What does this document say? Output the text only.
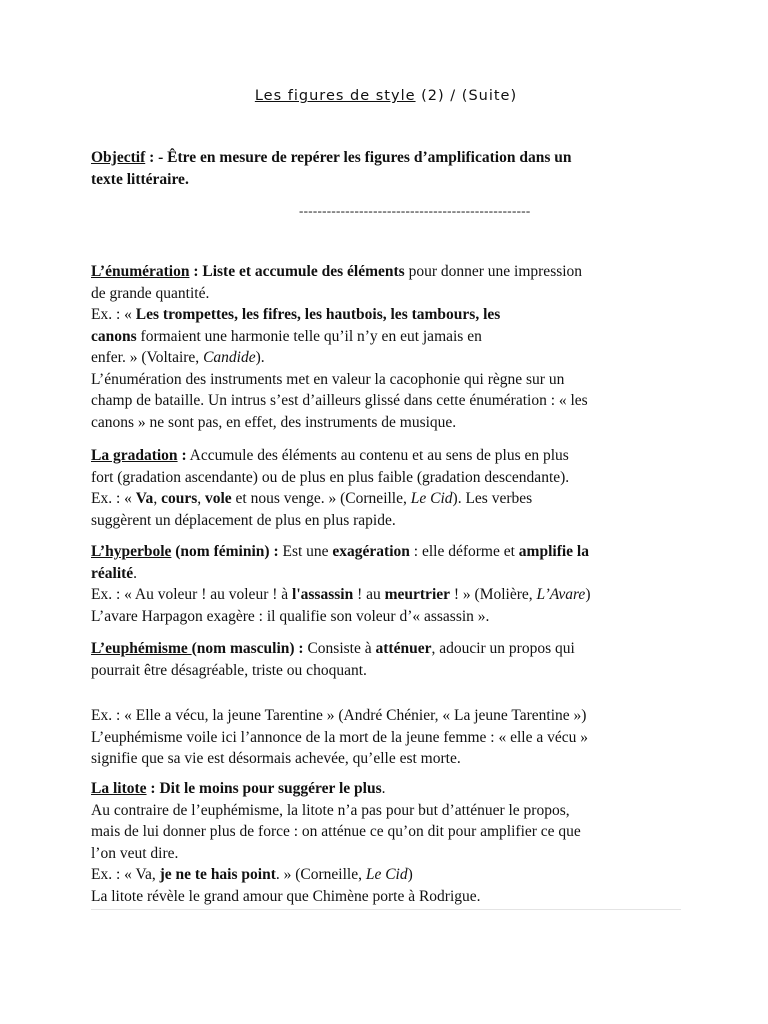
Les figures de style (2) / (Suite)
Objectif : - Être en mesure de repérer les figures d’amplification dans un
texte littéraire.
--------------------------------------------------
L’énumération : Liste et accumule des éléments pour donner une impression
de grande quantité.
Ex. : « Les trompettes, les fifres, les hautbois, les tambours, les
canons formaient une harmonie telle qu’il n’y en eut jamais en
enfer. » (Voltaire, Candide).
L’énumération des instruments met en valeur la cacophonie qui règne sur un
champ de bataille. Un intrus s’est d’ailleurs glissé dans cette énumération : « les
canons » ne sont pas, en effet, des instruments de musique.
La gradation : Accumule des éléments au contenu et au sens de plus en plus
fort (gradation ascendante) ou de plus en plus faible (gradation descendante).
Ex. : « Va, cours, vole et nous venge. » (Corneille, Le Cid). Les verbes
suggèrent un déplacement de plus en plus rapide.
L’hyperbole (nom féminin) : Est une exagération : elle déforme et amplifie la
réalité.
Ex. : « Au voleur ! au voleur ! à l'assassin ! au meurtrier ! » (Molière, L’Avare)
L’avare Harpagon exagère : il qualifie son voleur d’« assassin ».
L’euphémisme (nom masculin) : Consiste à atténuer, adoucir un propos qui
pourrait être désagréable, triste ou choquant.
Ex. : « Elle a vécu, la jeune Tarentine » (André Chénier, « La jeune Tarentine »)
L’euphémisme voile ici l’annonce de la mort de la jeune femme : « elle a vécu »
signifie que sa vie est désormais achevée, qu’elle est morte.
La litote : Dit le moins pour suggérer le plus.
Au contraire de l’euphémisme, la litote n’a pas pour but d’atténuer le propos,
mais de lui donner plus de force : on atténue ce qu’on dit pour amplifier ce que
l’on veut dire.
Ex. : « Va, je ne te hais point. » (Corneille, Le Cid)
La litote révèle le grand amour que Chimène porte à Rodrigue.
